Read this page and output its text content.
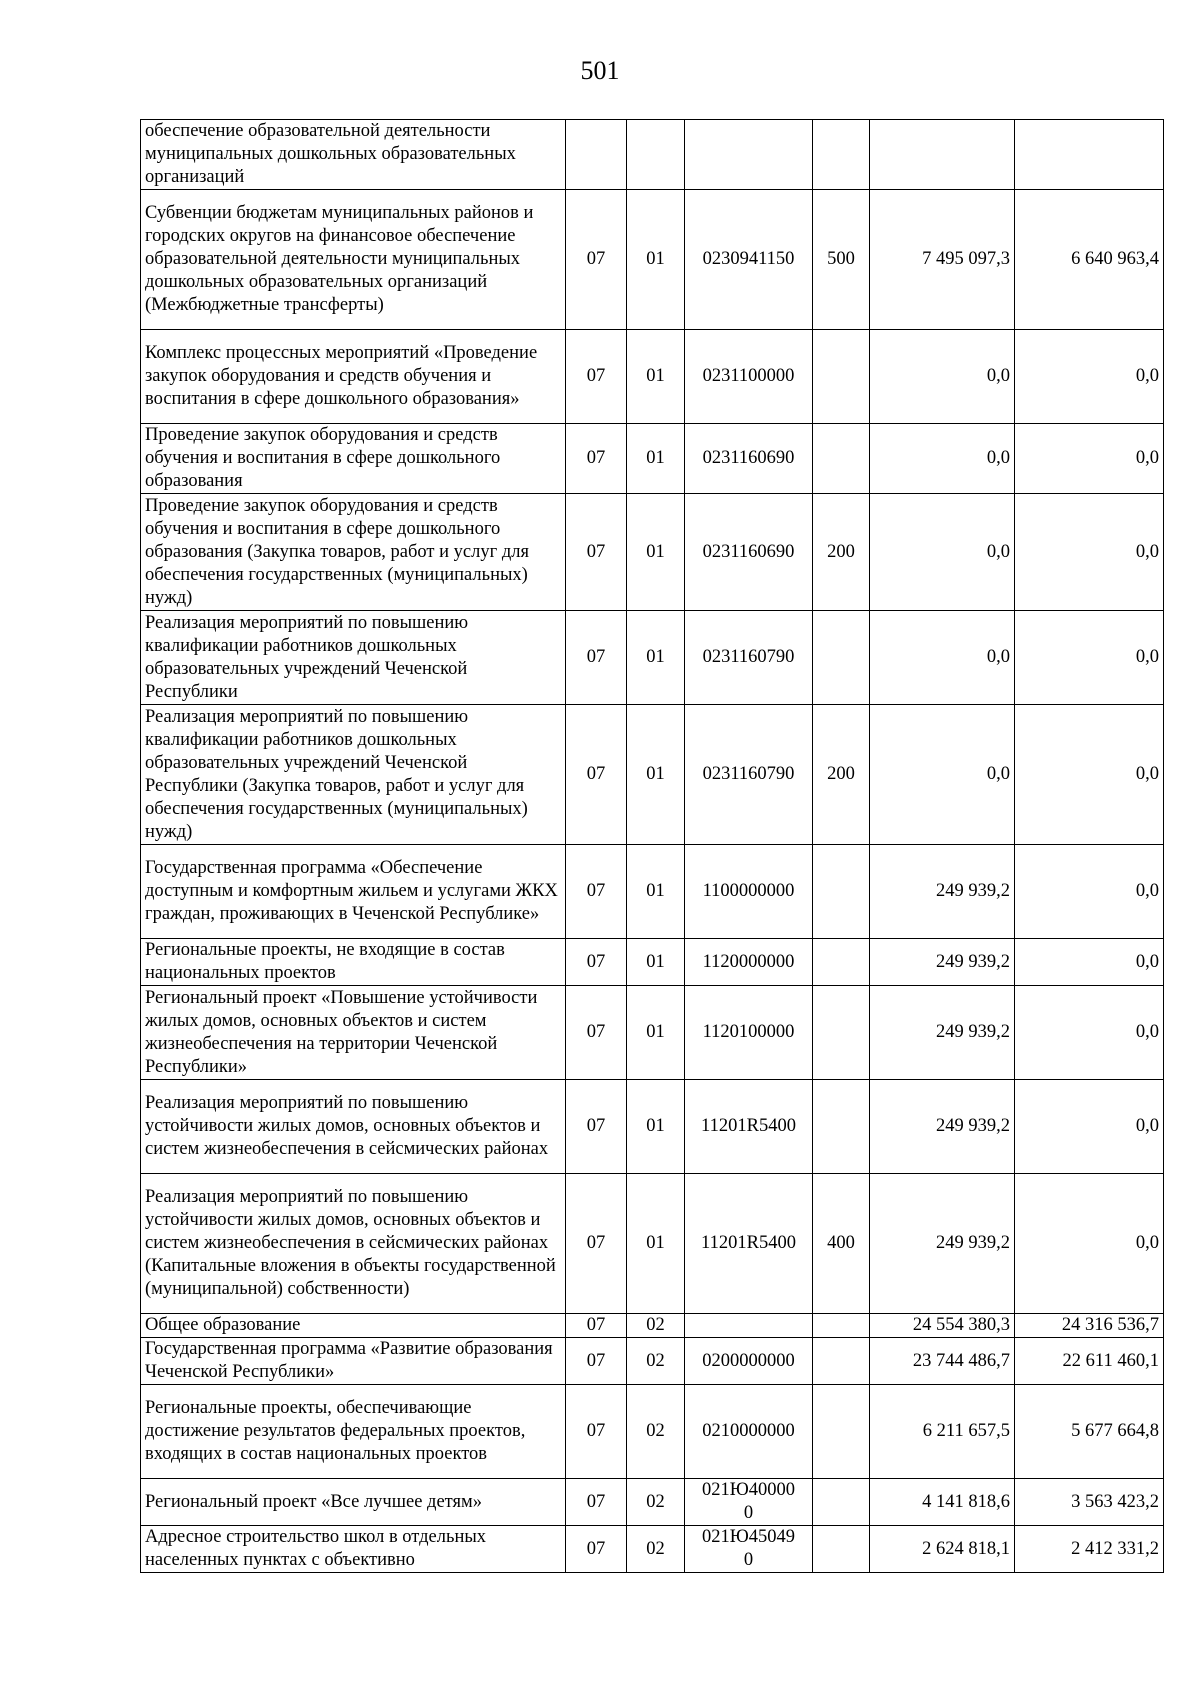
501
обеспечение образовательной деятельности муниципальных дошкольных образовательных организаций						
Субвенции бюджетам муниципальных районов и городских округов на финансовое обеспечение образовательной деятельности муниципальных дошкольных образовательных организаций (Межбюджетные трансферты)	07	01	0230941150	500	7 495 097,3	6 640 963,4
Комплекс процессных мероприятий «Проведение закупок оборудования и средств обучения и воспитания в сфере дошкольного образования»	07	01	0231100000		0,0	0,0
Проведение закупок оборудования и средств обучения и воспитания в сфере дошкольного образования	07	01	0231160690		0,0	0,0
Проведение закупок оборудования и средств обучения и воспитания в сфере дошкольного образования (Закупка товаров, работ и услуг для обеспечения государственных (муниципальных) нужд)	07	01	0231160690	200	0,0	0,0
Реализация мероприятий по повышению квалификации работников дошкольных образовательных учреждений Чеченской Республики	07	01	0231160790		0,0	0,0
Реализация мероприятий по повышению квалификации работников дошкольных образовательных учреждений Чеченской Республики (Закупка товаров, работ и услуг для обеспечения государственных (муниципальных) нужд)	07	01	0231160790	200	0,0	0,0
Государственная программа «Обеспечение доступным и комфортным жильем и услугами ЖКХ граждан, проживающих в Чеченской Республике»	07	01	1100000000		249 939,2	0,0
Региональные проекты, не входящие в состав национальных проектов	07	01	1120000000		249 939,2	0,0
Региональный проект «Повышение устойчивости жилых домов, основных объектов и систем жизнеобеспечения на территории Чеченской Республики»	07	01	1120100000		249 939,2	0,0
Реализация мероприятий по повышению устойчивости жилых домов, основных объектов и систем жизнеобеспечения в сейсмических районах	07	01	11201R5400		249 939,2	0,0
Реализация мероприятий по повышению устойчивости жилых домов, основных объектов и систем жизнеобеспечения в сейсмических районах (Капитальные вложения в объекты государственной (муниципальной) собственности)	07	01	11201R5400	400	249 939,2	0,0
Общее образование	07	02			24 554 380,3	24 316 536,7
Государственная программа «Развитие образования Чеченской Республики»	07	02	0200000000		23 744 486,7	22 611 460,1
Региональные проекты, обеспечивающие достижение результатов федеральных проектов, входящих в состав национальных проектов	07	02	0210000000		6 211 657,5	5 677 664,8
Региональный проект «Все лучшее детям»	07	02	021Ю400000		4 141 818,6	3 563 423,2
Адресное строительство школ в отдельных населенных пунктах с объективно	07	02	021Ю450490		2 624 818,1	2 412 331,2
